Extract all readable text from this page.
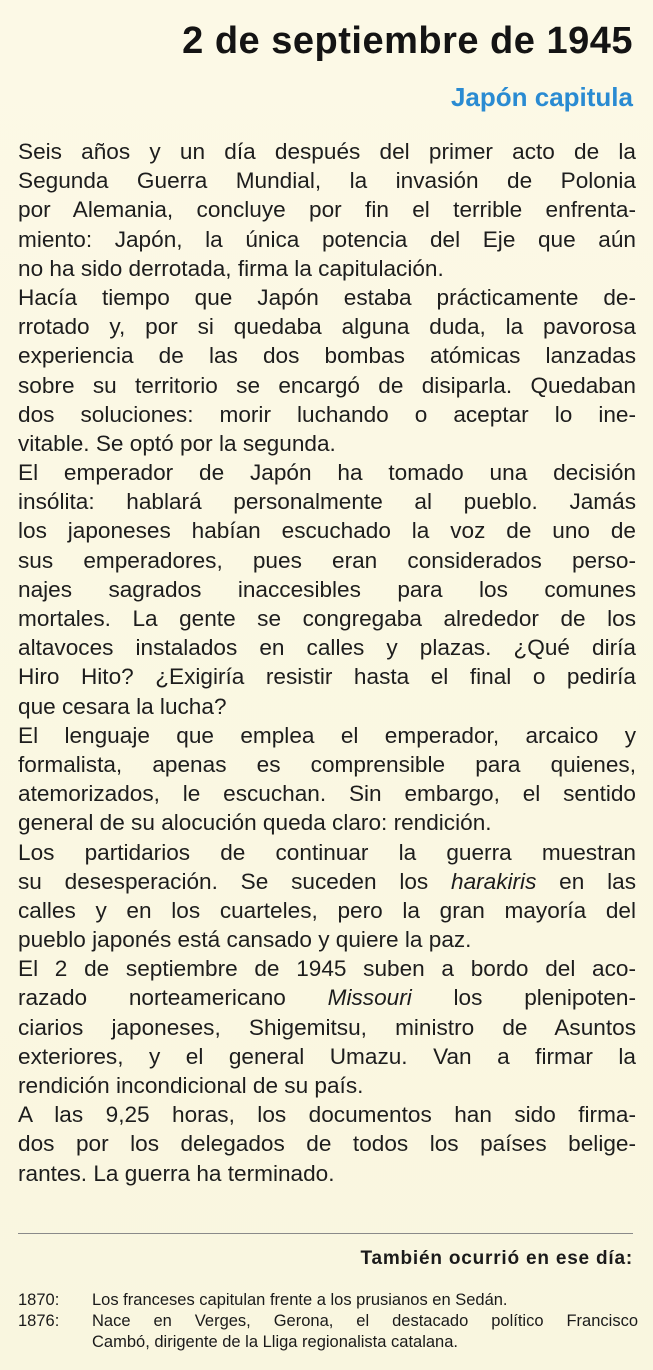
2 de septiembre de 1945
Japón capitula
Seis años y un día después del primer acto de la
Segunda Guerra Mundial, la invasión de Polonia
por Alemania, concluye por fin el terrible enfrenta-
miento: Japón, la única potencia del Eje que aún
no ha sido derrotada, firma la capitulación.
Hacía tiempo que Japón estaba prácticamente de-
rrotado y, por si quedaba alguna duda, la pavorosa
experiencia de las dos bombas atómicas lanzadas
sobre su territorio se encargó de disiparla. Quedaban
dos soluciones: morir luchando o aceptar lo ine-
vitable. Se optó por la segunda.
El emperador de Japón ha tomado una decisión
insólita: hablará personalmente al pueblo. Jamás
los japoneses habían escuchado la voz de uno de
sus emperadores, pues eran considerados perso-
najes sagrados inaccesibles para los comunes
mortales. La gente se congregaba alrededor de los
altavoces instalados en calles y plazas. ¿Qué diría
Hiro Hito? ¿Exigiría resistir hasta el final o pediría
que cesara la lucha?
El lenguaje que emplea el emperador, arcaico y
formalista, apenas es comprensible para quienes,
atemorizados, le escuchan. Sin embargo, el sentido
general de su alocución queda claro: rendición.
Los partidarios de continuar la guerra muestran
su desesperación. Se suceden los harakiris en las
calles y en los cuarteles, pero la gran mayoría del
pueblo japonés está cansado y quiere la paz.
El 2 de septiembre de 1945 suben a bordo del aco-
razado norteamericano Missouri los plenipoten-
ciarios japoneses, Shigemitsu, ministro de Asuntos
exteriores, y el general Umazu. Van a firmar la
rendición incondicional de su país.
A las 9,25 horas, los documentos han sido firma-
dos por los delegados de todos los países belige-
rantes. La guerra ha terminado.
También ocurrió en ese día:
1870:	Los franceses capitulan frente a los prusianos en Sedán.
1876:	Nace en Verges, Gerona, el destacado político Francisco
Cambó, dirigente de la Lliga regionalista catalana.
